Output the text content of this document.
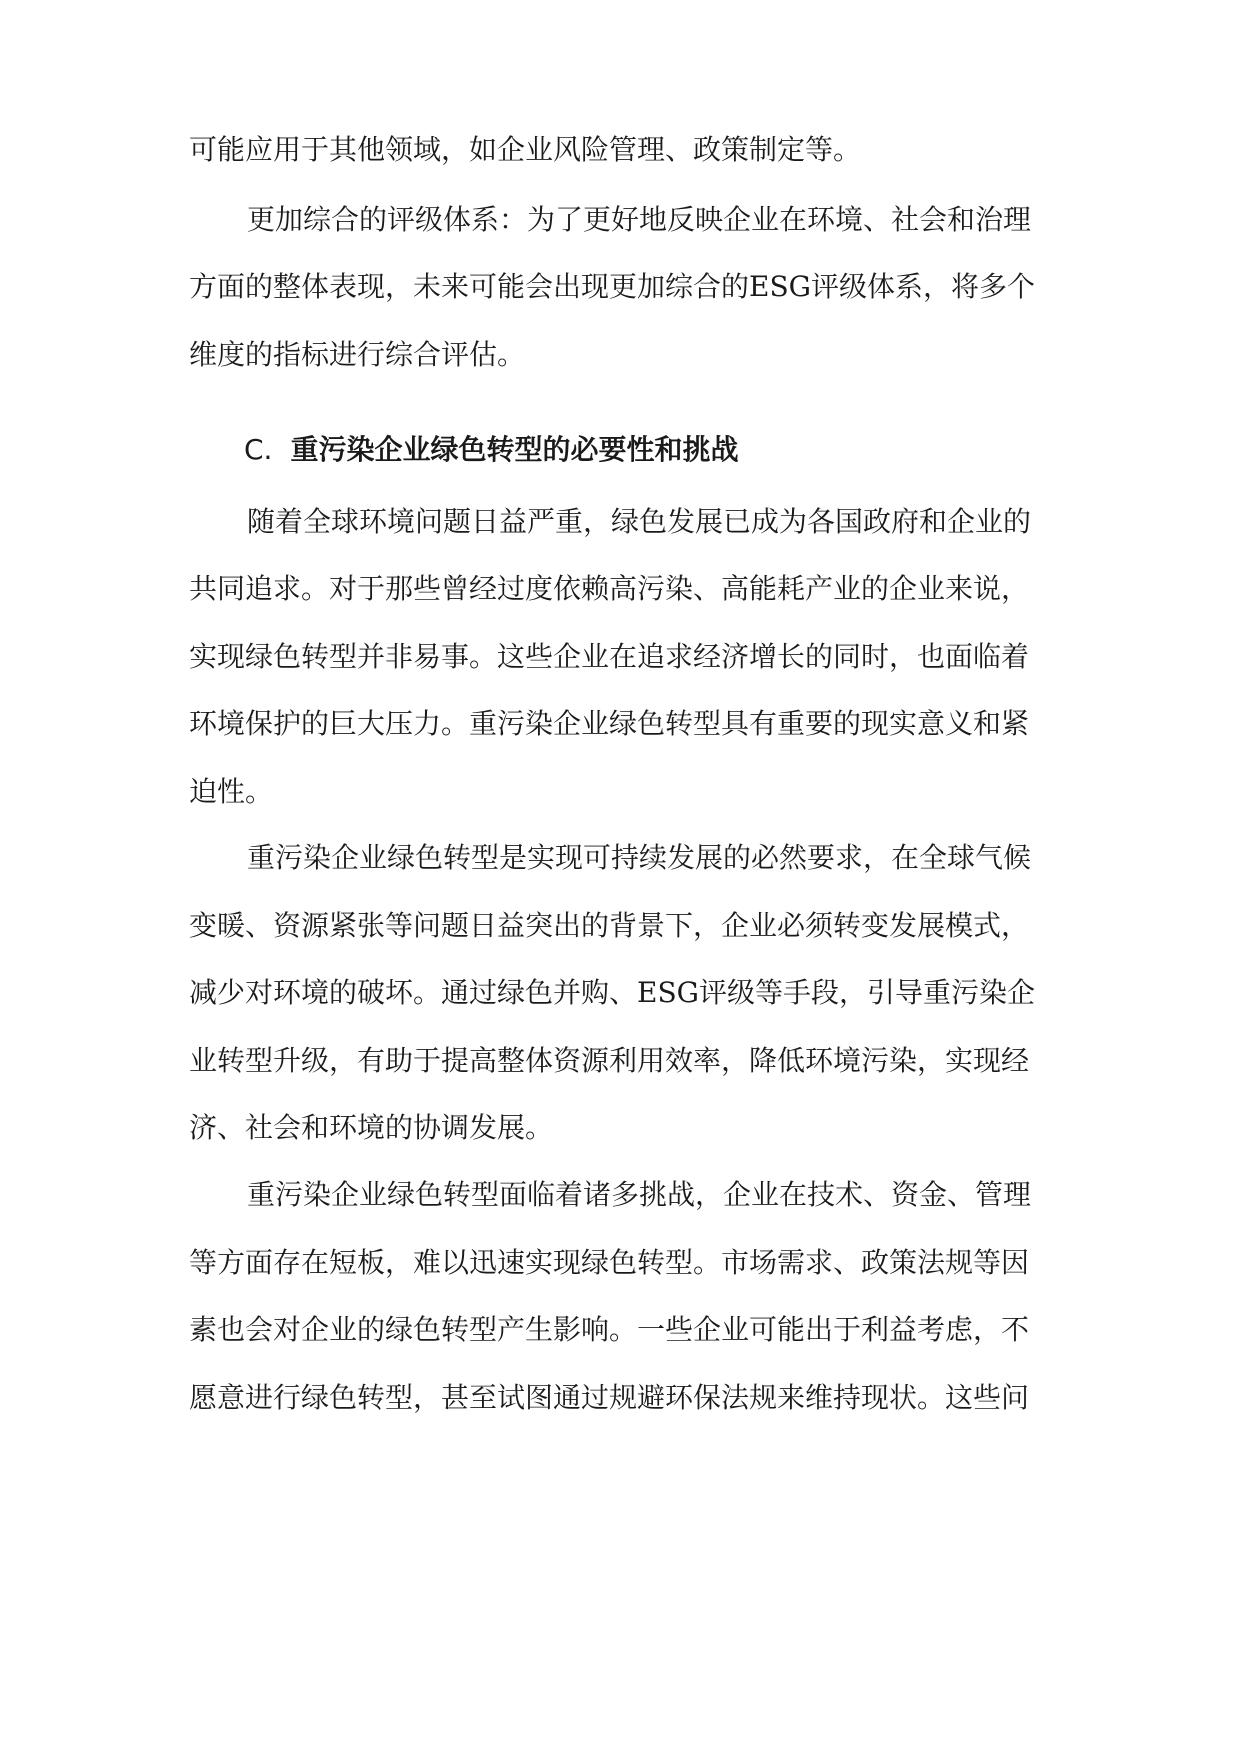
可能应用于其他领域，如企业风险管理、政策制定等。
更加综合的评级体系：为了更好地反映企业在环境、社会和治理
方面的整体表现，未来可能会出现更加综合的ESG评级体系，将多个
维度的指标进行综合评估。
C. 重污染企业绿色转型的必要性和挑战
随着全球环境问题日益严重，绿色发展已成为各国政府和企业的
共同追求。对于那些曾经过度依赖高污染、高能耗产业的企业来说，
实现绿色转型并非易事。这些企业在追求经济增长的同时，也面临着
环境保护的巨大压力。重污染企业绿色转型具有重要的现实意义和紧
迫性。
重污染企业绿色转型是实现可持续发展的必然要求，在全球气候
变暖、资源紧张等问题日益突出的背景下，企业必须转变发展模式，
减少对环境的破坏。通过绿色并购、ESG评级等手段，引导重污染企
业转型升级，有助于提高整体资源利用效率，降低环境污染，实现经
济、社会和环境的协调发展。
重污染企业绿色转型面临着诸多挑战，企业在技术、资金、管理
等方面存在短板，难以迅速实现绿色转型。市场需求、政策法规等因
素也会对企业的绿色转型产生影响。一些企业可能出于利益考虑，不
愿意进行绿色转型，甚至试图通过规避环保法规来维持现状。这些问
